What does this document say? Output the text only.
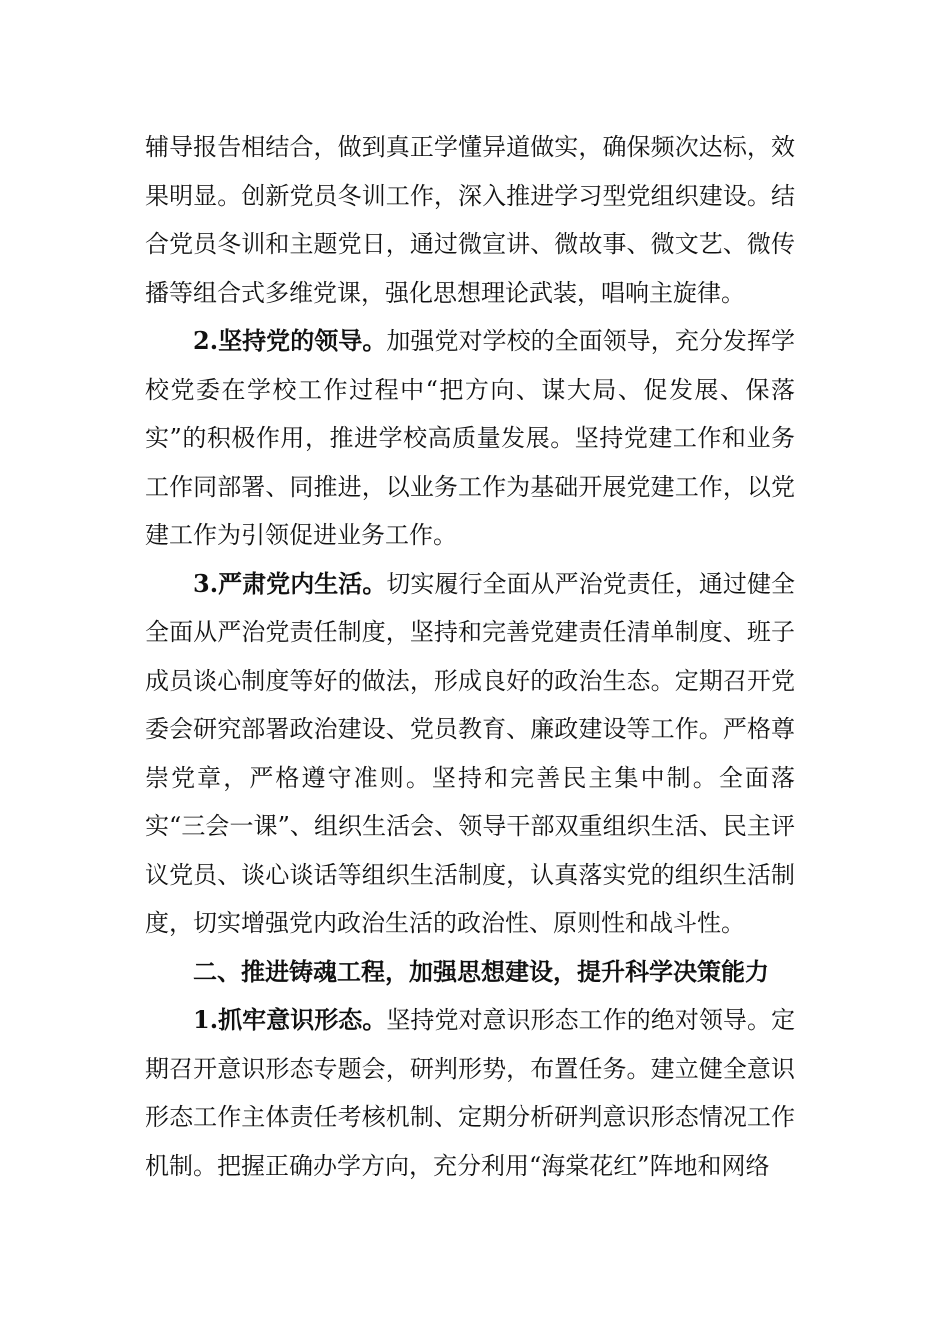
辅导报告相结合，做到真正学懂异道做实，确保频次达标，效果明显。创新党员冬训工作，深入推进学习型党组织建设。结合党员冬训和主题党日，通过微宣讲、微故事、微文艺、微传播等组合式多维党课，强化思想理论武装，唱响主旋律。

2.坚持党的领导。加强党对学校的全面领导，充分发挥学校党委在学校工作过程中“把方向、谋大局、促发展、保落实”的积极作用，推进学校高质量发展。坚持党建工作和业务工作同部署、同推进，以业务工作为基础开展党建工作，以党建工作为引领促进业务工作。

3.严肃党内生活。切实履行全面从严治党责任，通过健全全面从严治党责任制度，坚持和完善党建责任清单制度、班子成员谈心制度等好的做法，形成良好的政治生态。定期召开党委会研究部署政治建设、党员教育、廉政建设等工作。严格尊崇党章，严格遵守准则。坚持和完善民主集中制。全面落实“三会一课”、组织生活会、领导干部双重组织生活、民主评议党员、谈心谈话等组织生活制度，认真落实党的组织生活制度，切实增强党内政治生活的政治性、原则性和战斗性。

二、推进铸魂工程，加强思想建设，提升科学决策能力

1.抓牢意识形态。坚持党对意识形态工作的绝对领导。定期召开意识形态专题会，研判形势，布置任务。建立健全意识形态工作主体责任考核机制、定期分析研判意识形态情况工作机制。把握正确办学方向，充分利用“海棠花红”阵地和网络
